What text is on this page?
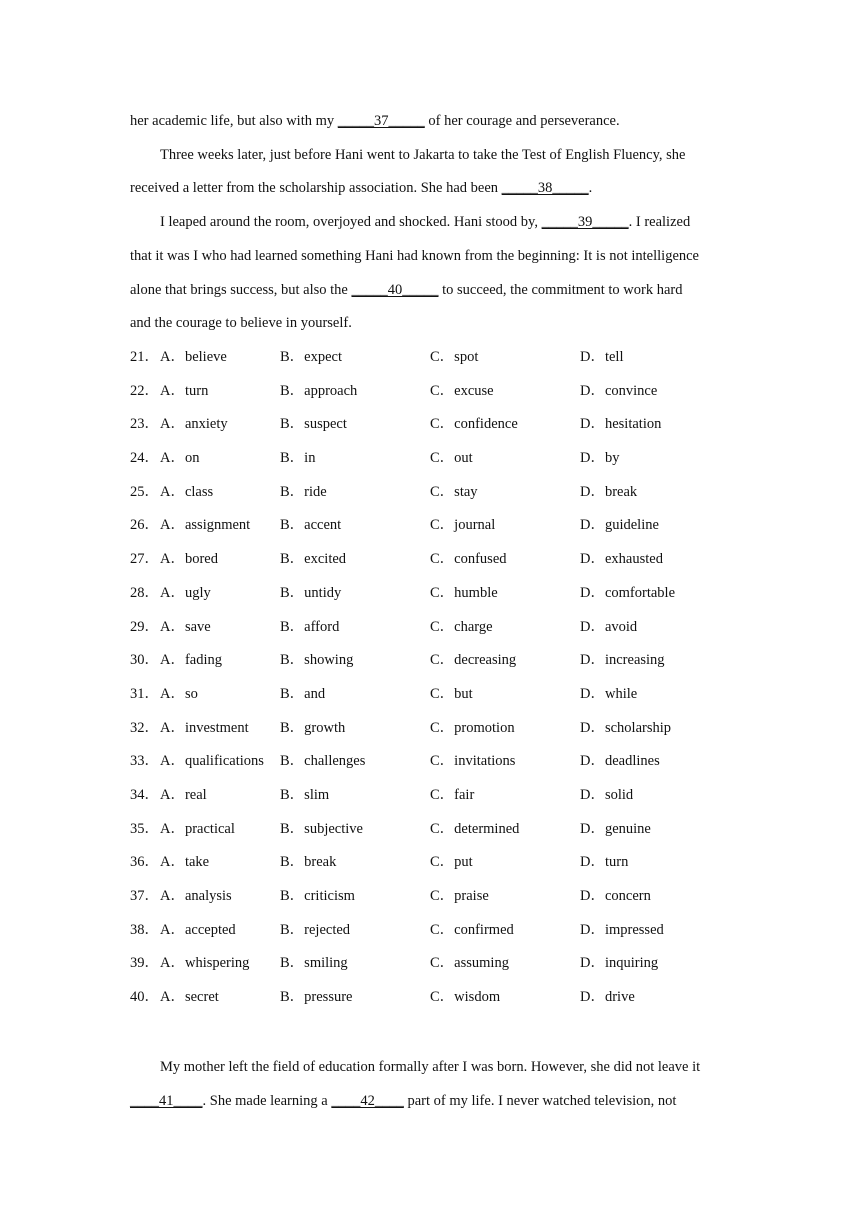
her academic life, but also with my _____37_____ of her courage and perseverance.
Three weeks later, just before Hani went to Jakarta to take the Test of English Fluency, she
received a letter from the scholarship association. She had been _____38_____.
I leaped around the room, overjoyed and shocked. Hani stood by, _____39_____. I realized
that it was I who had learned something Hani had known from the beginning: It is not intelligence
alone that brings success, but also the _____40_____ to succeed, the commitment to work hard
and the courage to believe in yourself.
21． A．believe	B．expect	C．spot	D．tell
22． A．turn	B．approach	C．excuse	D．convince
23． A．anxiety	B．suspect	C．confidence	D．hesitation
24． A．on	B．in	C．out	D．by
25． A．class	B．ride	C．stay	D．break
26． A．assignment B．accent	C．journal	D．guideline
27． A．bored	B．excited	C．confused	D．exhausted
28． A．ugly	B．untidy	C．humble	D．comfortable
29． A．save	B．afford	C．charge	D．avoid
30． A．fading	B．showing	C．decreasing	D．increasing
31． A．so	B．and	C．but	D．while
32． A．investment B．growth	C．promotion	D．scholarship
33． A．qualifications B．challenges	C．invitations	D．deadlines
34． A．real	B．slim	C．fair	D．solid
35． A．practical	B．subjective	C．determined	D．genuine
36． A．take	B．break	C．put	D．turn
37． A．analysis	B．criticism	C．praise	D．concern
38． A．accepted	B．rejected	C．confirmed	D．impressed
39． A．whispering B．smiling	C．assuming	D．inquiring
40． A．secret	B．pressure	C．wisdom	D．drive
My mother left the field of education formally after I was born. However, she did not leave it
____41____. She made learning a ____42____ part of my life. I never watched television, not
